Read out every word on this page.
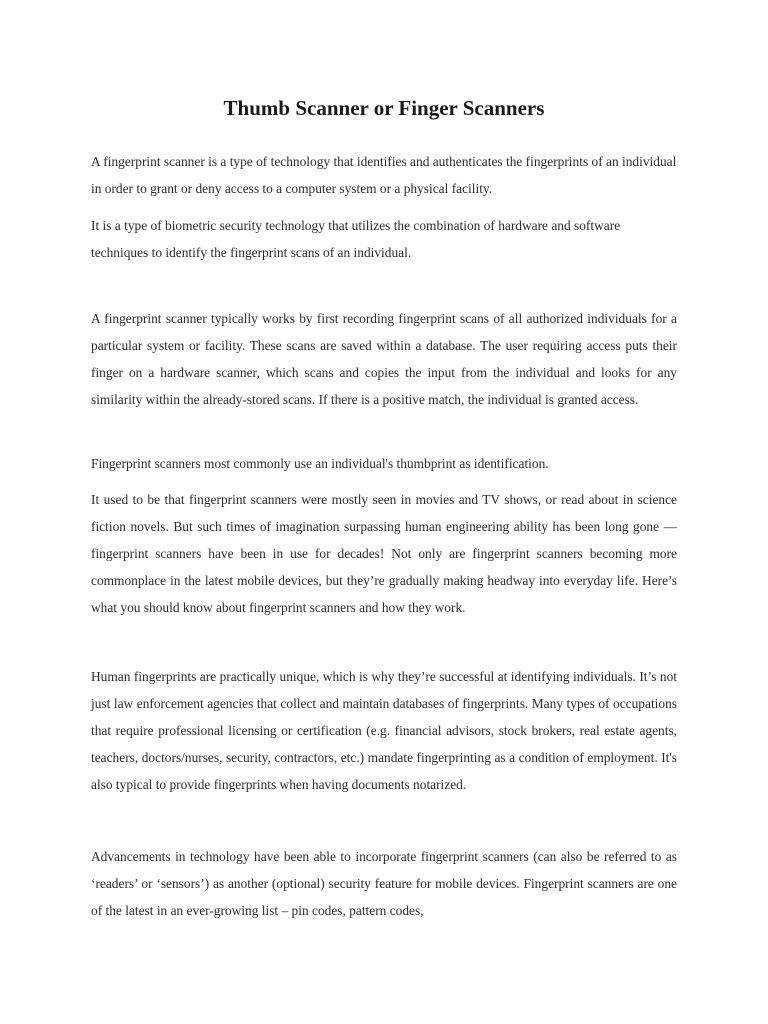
Thumb Scanner or Finger Scanners

A fingerprint scanner is a type of technology that identifies and authenticates the fingerprints of an individual in order to grant or deny access to a computer system or a physical facility.

It is a type of biometric security technology that utilizes the combination of hardware and software techniques to identify the fingerprint scans of an individual.

A fingerprint scanner typically works by first recording fingerprint scans of all authorized individuals for a particular system or facility. These scans are saved within a database. The user requiring access puts their finger on a hardware scanner, which scans and copies the input from the individual and looks for any similarity within the already-stored scans. If there is a positive match, the individual is granted access.

Fingerprint scanners most commonly use an individual's thumbprint as identification.

It used to be that fingerprint scanners were mostly seen in movies and TV shows, or read about in science fiction novels. But such times of imagination surpassing human engineering ability has been long gone — fingerprint scanners have been in use for decades! Not only are fingerprint scanners becoming more commonplace in the latest mobile devices, but they’re gradually making headway into everyday life. Here’s what you should know about fingerprint scanners and how they work.

Human fingerprints are practically unique, which is why they’re successful at identifying individuals. It’s not just law enforcement agencies that collect and maintain databases of fingerprints. Many types of occupations that require professional licensing or certification (e.g. financial advisors, stock brokers, real estate agents, teachers, doctors/nurses, security, contractors, etc.) mandate fingerprinting as a condition of employment. It's also typical to provide fingerprints when having documents notarized.

Advancements in technology have been able to incorporate fingerprint scanners (can also be referred to as ‘readers’ or ‘sensors’) as another (optional) security feature for mobile devices. Fingerprint scanners are one of the latest in an ever-growing list – pin codes, pattern codes,
